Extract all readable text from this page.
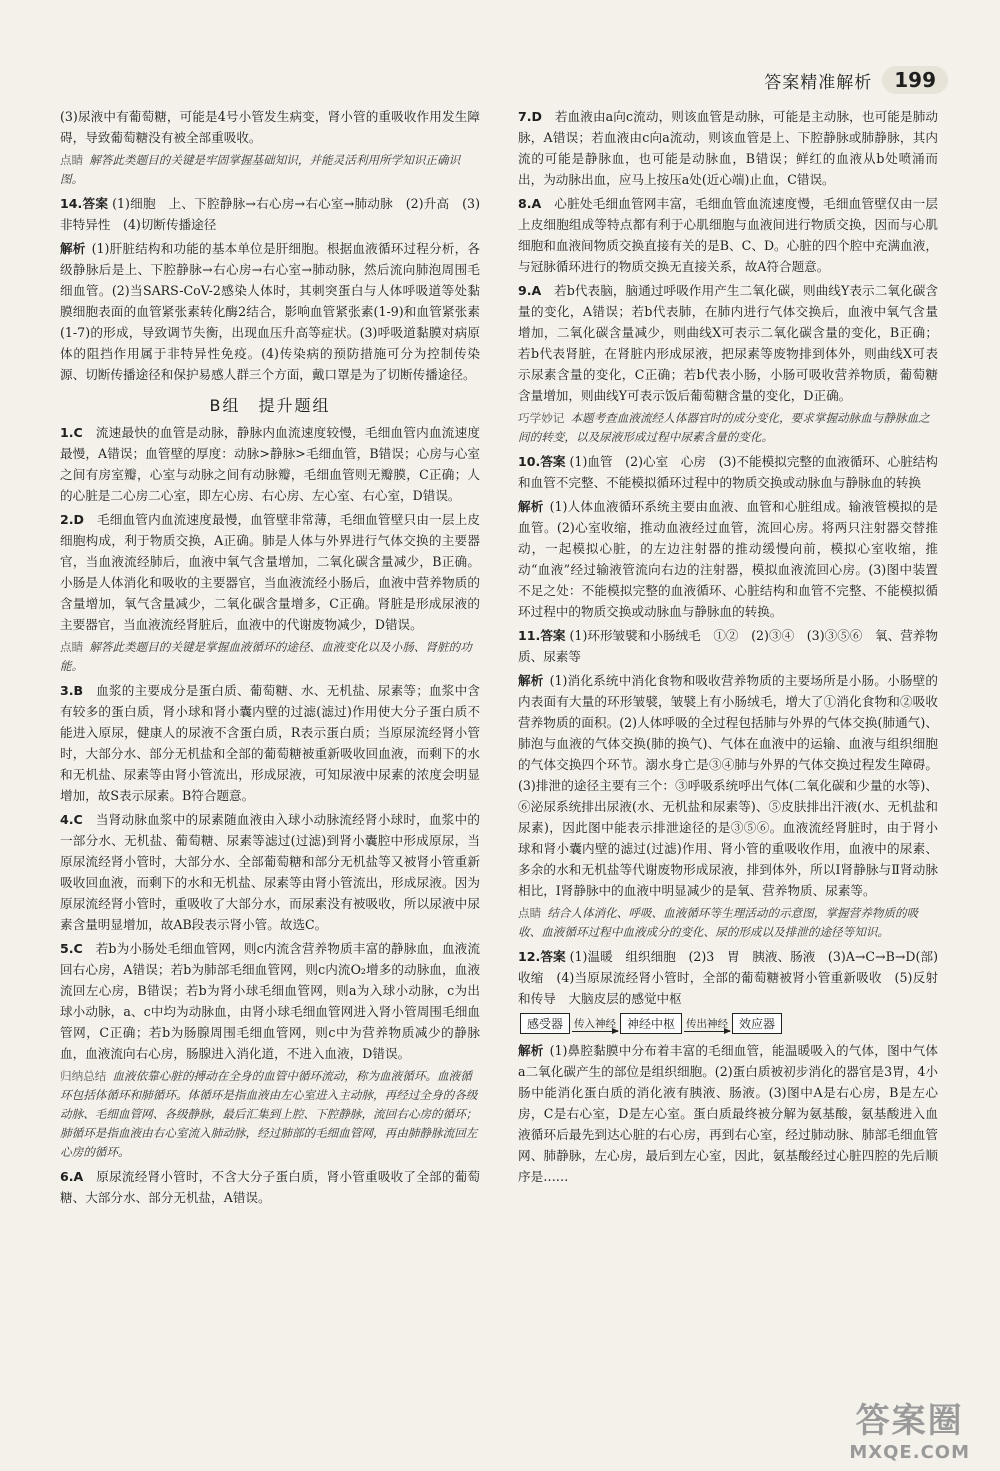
答案精准解析	199

(3)尿液中有葡萄糖，可能是4号小管发生病变，肾小管的重吸收作用发生障碍，导致葡萄糖没有被全部重吸收。

点睛 解答此类题目的关键是牢固掌握基础知识，并能灵活利用所学知识正确识图。

14.答案 (1)细胞　上、下腔静脉→右心房→右心室→肺动脉　(2)升高　(3)非特异性　(4)切断传播途径

解析 (1)肝脏结构和功能的基本单位是肝细胞。根据血液循环过程分析，各级静脉后是上、下腔静脉→右心房→右心室→肺动脉，然后流向肺泡周围毛细血管。(2)当SARS-CoV-2感染人体时，其刺突蛋白与人体呼吸道等处黏膜细胞表面的血管紧张素转化酶2结合，影响血管紧张素(1-9)和血管紧张素(1-7)的形成，导致调节失衡，出现血压升高等症状。(3)呼吸道黏膜对病原体的阻挡作用属于非特异性免疫。(4)传染病的预防措施可分为控制传染源、切断传播途径和保护易感人群三个方面，戴口罩是为了切断传播途径。

B组　提升题组

1.C　 流速最快的血管是动脉，静脉内血流速度较慢，毛细血管内血流速度最慢，A错误；血管壁的厚度：动脉>静脉>毛细血管，B错误；心房与心室之间有房室瓣，心室与动脉之间有动脉瓣，毛细血管则无瓣膜，C正确；人的心脏是二心房二心室，即左心房、右心房、左心室、右心室，D错误。

2.D　 毛细血管内血流速度最慢，血管壁非常薄，毛细血管壁只由一层上皮细胞构成，利于物质交换，A正确。肺是人体与外界进行气体交换的主要器官，当血液流经肺后，血液中氧气含量增加，二氧化碳含量减少，B正确。小肠是人体消化和吸收的主要器官，当血液流经小肠后，血液中营养物质的含量增加，氧气含量减少，二氧化碳含量增多，C正确。肾脏是形成尿液的主要器官，当血液流经肾脏后，血液中的代谢废物减少，D错误。

点睛 解答此类题目的关键是掌握血液循环的途径、血液变化以及小肠、肾脏的功能。

3.B　 血浆的主要成分是蛋白质、葡萄糖、水、无机盐、尿素等；血浆中含有较多的蛋白质，肾小球和肾小囊内壁的过滤(滤过)作用使大分子蛋白质不能进入原尿，健康人的尿液不含蛋白质，R表示蛋白质；当原尿流经肾小管时，大部分水、部分无机盐和全部的葡萄糖被重新吸收回血液，而剩下的水和无机盐、尿素等由肾小管流出，形成尿液，可知尿液中尿素的浓度会明显增加，故S表示尿素。B符合题意。

4.C　 当肾动脉血浆中的尿素随血液由入球小动脉流经肾小球时，血浆中的一部分水、无机盐、葡萄糖、尿素等滤过(过滤)到肾小囊腔中形成原尿，当原尿流经肾小管时，大部分水、全部葡萄糖和部分无机盐等又被肾小管重新吸收回血液，而剩下的水和无机盐、尿素等由肾小管流出，形成尿液。因为原尿流经肾小管时，重吸收了大部分水，而尿素没有被吸收，所以尿液中尿素含量明显增加，故AB段表示肾小管。故选C。

5.C　 若b为小肠处毛细血管网，则c内流含营养物质丰富的静脉血，血液流回右心房，A错误；若b为肺部毛细血管网，则c内流O₂增多的动脉血，血液流回左心房，B错误；若b为肾小球毛细血管网，则a为入球小动脉，c为出球小动脉，a、c中均为动脉血，由肾小球毛细血管网进入肾小管周围毛细血管网，C正确；若b为肠腺周围毛细血管网，则c中为营养物质减少的静脉血，血液流向右心房，肠腺进入消化道，不进入血液，D错误。

归纳总结 血液依靠心脏的搏动在全身的血管中循环流动，称为血液循环。血液循环包括体循环和肺循环。体循环是指血液由左心室进入主动脉，再经过全身的各级动脉、毛细血管网、各级静脉，最后汇集到上腔、下腔静脉，流回右心房的循环；肺循环是指血液由右心室流入肺动脉，经过肺部的毛细血管网，再由肺静脉流回左心房的循环。

6.A　 原尿流经肾小管时，不含大分子蛋白质，肾小管重吸收了全部的葡萄糖、大部分水、部分无机盐，A错误。

7.D　 若血液由a向c流动，则该血管是动脉，可能是主动脉，也可能是肺动脉，A错误；若血液由c向a流动，则该血管是上、下腔静脉或肺静脉，其内流的可能是静脉血，也可能是动脉血，B错误；鲜红的血液从b处喷涌而出，为动脉出血，应马上按压a处(近心端)止血，C错误。

8.A　 心脏处毛细血管网丰富，毛细血管血流速度慢，毛细血管壁仅由一层上皮细胞组成等特点都有利于心肌细胞与血液间进行物质交换，因而与心肌细胞和血液间物质交换直接有关的是B、C、D。心脏的四个腔中充满血液，与冠脉循环进行的物质交换无直接关系，故A符合题意。

9.A　 若b代表脑，脑通过呼吸作用产生二氧化碳，则曲线Y表示二氧化碳含量的变化，A错误；若b代表肺，在肺内进行气体交换后，血液中氧气含量增加，二氧化碳含量减少，则曲线X可表示二氧化碳含量的变化，B正确；若b代表肾脏，在肾脏内形成尿液，把尿素等废物排到体外，则曲线X可表示尿素含量的变化，C正确；若b代表小肠，小肠可吸收营养物质，葡萄糖含量增加，则曲线Y可表示饭后葡萄糖含量的变化，D正确。

巧学妙记 本题考查血液流经人体器官时的成分变化，要求掌握动脉血与静脉血之间的转变，以及尿液形成过程中尿素含量的变化。

10.答案 (1)血管　(2)心室　心房　(3)不能模拟完整的血液循环、心脏结构和血管不完整、不能模拟循环过程中的物质交换或动脉血与静脉血的转换

解析 (1)人体血液循环系统主要由血液、血管和心脏组成。输液管模拟的是血管。(2)心室收缩，推动血液经过血管，流回心房。将两只注射器交替推动，一起模拟心脏，的左边注射器的推动缓慢向前，模拟心室收缩，推动“血液”经过输液管流向右边的注射器，模拟血液流回心房。(3)图中装置不足之处：不能模拟完整的血液循环、心脏结构和血管不完整、不能模拟循环过程中的物质交换或动脉血与静脉血的转换。

11.答案 (1)环形皱襞和小肠绒毛　①②　(2)③④　(3)③⑤⑥　氧、营养物质、尿素等

解析 (1)消化系统中消化食物和吸收营养物质的主要场所是小肠。小肠壁的内表面有大量的环形皱襞，皱襞上有小肠绒毛，增大了①消化食物和②吸收营养物质的面积。(2)人体呼吸的全过程包括肺与外界的气体交换(肺通气)、肺泡与血液的气体交换(肺的换气)、气体在血液中的运输、血液与组织细胞的气体交换四个环节。溺水身亡是③④肺与外界的气体交换过程发生障碍。(3)排泄的途径主要有三个：③呼吸系统呼出气体(二氧化碳和少量的水等)、⑥泌尿系统排出尿液(水、无机盐和尿素等)、⑤皮肤排出汗液(水、无机盐和尿素)，因此图中能表示排泄途径的是③⑤⑥。血液流经肾脏时，由于肾小球和肾小囊内壁的滤过(过滤)作用、肾小管的重吸收作用，血液中的尿素、多余的水和无机盐等代谢废物形成尿液，排到体外，所以Ⅰ肾静脉与Ⅱ肾动脉相比，Ⅰ肾静脉中的血液中明显减少的是氧、营养物质、尿素等。

点睛 结合人体消化、呼吸、血液循环等生理活动的示意图，掌握营养物质的吸收、血液循环过程中血液成分的变化、尿的形成以及排泄的途径等知识。

12.答案 (1)温暖　组织细胞　(2)3　胃　胰液、肠液　(3)A→C→B→D(部)收缩　(4)当原尿流经肾小管时，全部的葡萄糖被肾小管重新吸收　(5)反射和传导　大脑皮层的感觉中枢

感受器	传入神经 神经中枢	传出神经 效应器

解析 (1)鼻腔黏膜中分布着丰富的毛细血管，能温暖吸入的气体，图中气体a二氧化碳产生的部位是组织细胞。(2)蛋白质被初步消化的器官是3胃，4小肠中能消化蛋白质的消化液有胰液、肠液。(3)图中A是右心房，B是左心房，C是右心室，D是左心室。蛋白质最终被分解为氨基酸，氨基酸进入血液循环后最先到达心脏的右心房，再到右心室，经过肺动脉、肺部毛细血管网、肺静脉，左心房，最后到左心室，因此，氨基酸经过心脏四腔的先后顺序是……

答案圈
MXQE.COM
